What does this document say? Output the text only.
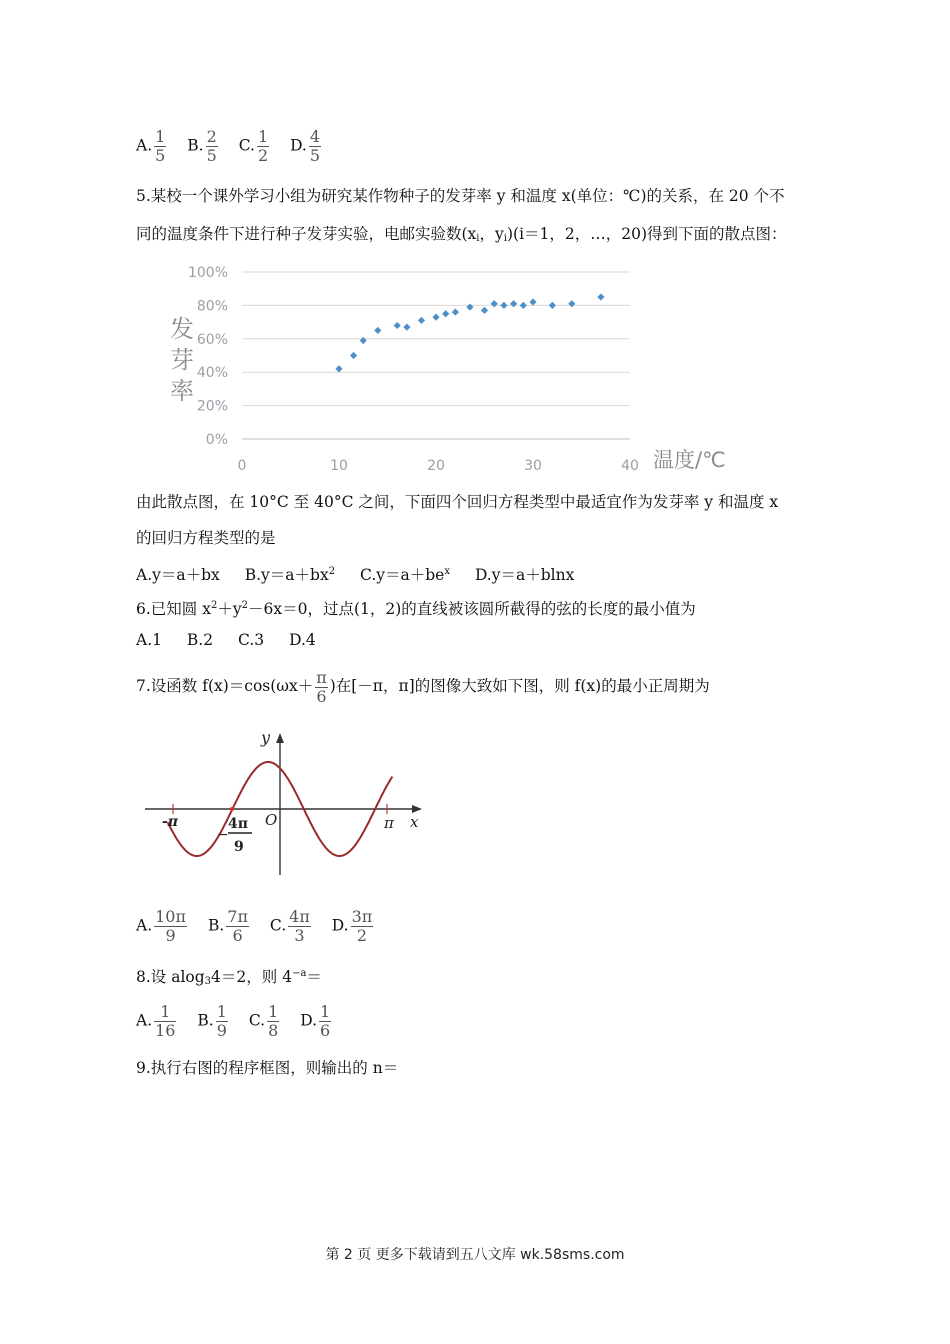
A. $\frac{1}{5} B$. $\frac{2}{5} C$. $\frac{1}{2} D$. $\frac{4}{5}$
5.某校一个课外学习小组为研究某作物种子的发芽率 y 和温度 x(单位：℃)的关系，在 20 个不
同的温度条件下进行种子发芽实验，电邮实验数($x_i$，$y_i)(i=1$，2，…，20)得到下面的散点图：
0%
20%
40%
60%
80%
100%
0	10	20	30	40
发
芽
率
温度/℃
由此散点图，在 10°C 至 40°C 之间，下面四个回归方程类型中最适宜作为发芽率 y 和温度 x
的回归方程类型的是
A.y＝a＋bx $B.y=a+bx^2$ $C.y=a+be^x$ D.y＝a＋blnx
6.已知圆 $x^2+y^2-6x=0$，过点(1，2)的直线被该圆所截得的弦的长度的最小值为
A.1 B.2 C.3 D.4
7.设函数 $f(x)=\cos(\omega x+ \frac{\pi}{6}$ )在[－π，π]的图像大致如下图，则 f(x)的最小正周期为
y
x
O
-π	π
−
4π
9
A. $\frac{10\pi}{9} B$. $\frac{7\pi}{6} C$. $\frac{4\pi}{3} D$. $\frac{3\pi}{2}$
8.设 alog$_3$4＝2，则 $4^{-a}=$
A. $\frac{1}{16} B$. $\frac{1}{9} C$. $\frac{1}{8} D$. $\frac{1}{6}$
9.执行右图的程序框图，则输出的 n＝
第 2 页 更多下载请到五八文库 wk.58sms.com
